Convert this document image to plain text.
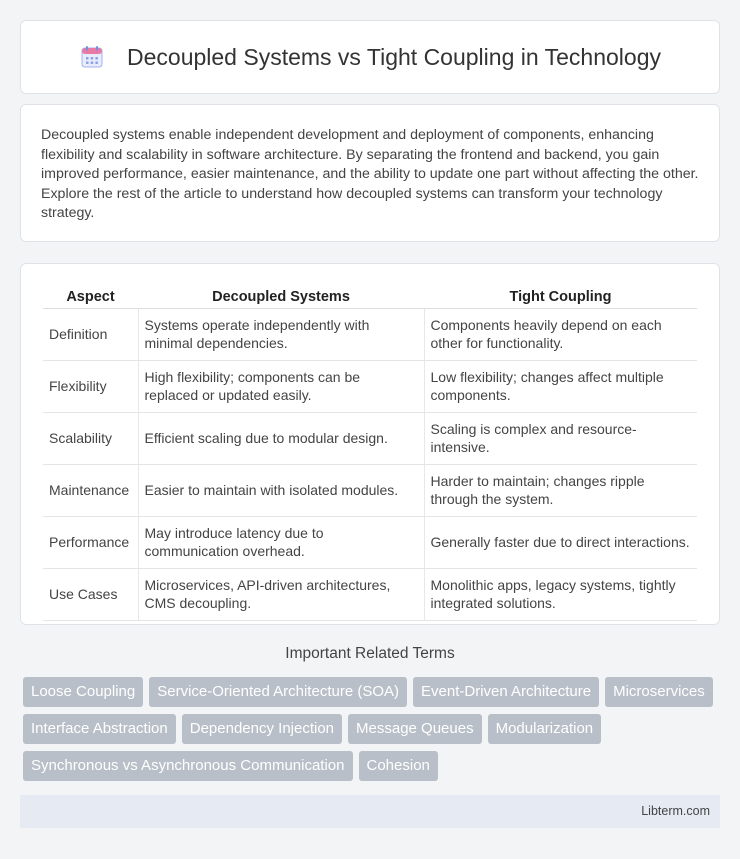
Decoupled Systems vs Tight Coupling in Technology

Decoupled systems enable independent development and deployment of components, enhancing flexibility and scalability in software architecture. By separating the frontend and backend, you gain improved performance, easier maintenance, and the ability to update one part without affecting the other. Explore the rest of the article to understand how decoupled systems can transform your technology strategy.

Aspect	Decoupled Systems	Tight Coupling
Definition	Systems operate independently with minimal dependencies.	Components heavily depend on each other for functionality.
Flexibility	High flexibility; components can be replaced or updated easily.	Low flexibility; changes affect multiple components.
Scalability	Efficient scaling due to modular design.	Scaling is complex and resource-intensive.
Maintenance	Easier to maintain with isolated modules.	Harder to maintain; changes ripple through the system.
Performance	May introduce latency due to communication overhead.	Generally faster due to direct interactions.
Use Cases	Microservices, API-driven architectures, CMS decoupling.	Monolithic apps, legacy systems, tightly integrated solutions.
Important Related Terms
Loose Coupling	Service-Oriented Architecture (SOA)	Event-Driven Architecture	Microservices
Interface Abstraction	Dependency Injection	Message Queues	Modularization
Synchronous vs Asynchronous Communication	Cohesion
Libterm.com
